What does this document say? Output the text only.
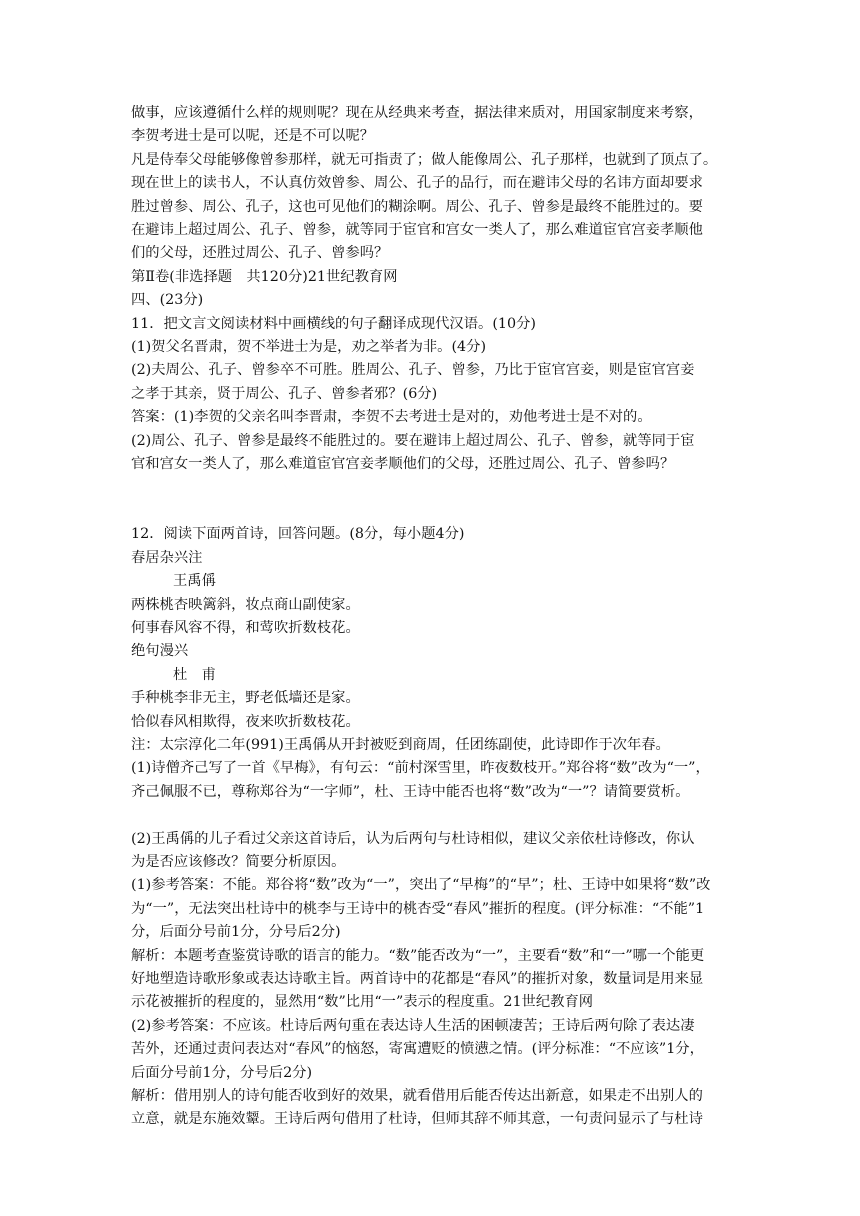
做事，应该遵循什么样的规则呢？现在从经典来考查，据法律来质对，用国家制度来考察，

李贺考进士是可以呢，还是不可以呢？

凡是侍奉父母能够像曾参那样，就无可指责了；做人能像周公、孔子那样，也就到了顶点了。

现在世上的读书人，不认真仿效曾参、周公、孔子的品行，而在避讳父母的名讳方面却要求

胜过曾参、周公、孔子，这也可见他们的糊涂啊。周公、孔子、曾参是最终不能胜过的。要

在避讳上超过周公、孔子、曾参，就等同于宦官和宫女一类人了，那么难道宦官宫妾孝顺他

们的父母，还胜过周公、孔子、曾参吗？

第Ⅱ卷(非选择题　共120分)21世纪教育网

四、(23分)

11．把文言文阅读材料中画横线的句子翻译成现代汉语。(10分)

(1)贺父名晋肃，贺不举进士为是，劝之举者为非。(4分)

(2)夫周公、孔子、曾参卒不可胜。胜周公、孔子、曾参，乃比于宦官宫妾，则是宦官宫妾

之孝于其亲，贤于周公、孔子、曾参者邪？(6分)

答案：(1)李贺的父亲名叫李晋肃，李贺不去考进士是对的，劝他考进士是不对的。

(2)周公、孔子、曾参是最终不能胜过的。要在避讳上超过周公、孔子、曾参，就等同于宦

官和宫女一类人了，那么难道宦官宫妾孝顺他们的父母，还胜过周公、孔子、曾参吗？

12．阅读下面两首诗，回答问题。(8分，每小题4分)

春居杂兴注

王禹偁

两株桃杏映篱斜，妆点商山副使家。

何事春风容不得，和莺吹折数枝花。

绝句漫兴

杜　甫

手种桃李非无主，野老低墙还是家。

恰似春风相欺得，夜来吹折数枝花。

注：太宗淳化二年(991)王禹偁从开封被贬到商周，任团练副使，此诗即作于次年春。

(1)诗僧齐己写了一首《早梅》，有句云：“前村深雪里，昨夜数枝开。”郑谷将“数”改为“一”，

齐己佩服不已，尊称郑谷为“一字师”，杜、王诗中能否也将“数”改为“一”？请简要赏析。

(2)王禹偁的儿子看过父亲这首诗后，认为后两句与杜诗相似，建议父亲依杜诗修改，你认

为是否应该修改？简要分析原因。

(1)参考答案：不能。郑谷将“数”改为“一”，突出了“早梅”的“早”；杜、王诗中如果将“数”改

为“一”，无法突出杜诗中的桃李与王诗中的桃杏受“春风”摧折的程度。(评分标准：“不能”1

分，后面分号前1分，分号后2分)

解析：本题考查鉴赏诗歌的语言的能力。“数”能否改为“一”，主要看“数”和“一”哪一个能更

好地塑造诗歌形象或表达诗歌主旨。两首诗中的花都是“春风”的摧折对象，数量词是用来显

示花被摧折的程度的，显然用“数”比用“一”表示的程度重。21世纪教育网

(2)参考答案：不应该。杜诗后两句重在表达诗人生活的困顿凄苦；王诗后两句除了表达凄

苦外，还通过责问表达对“春风”的恼怒，寄寓遭贬的愤懑之情。(评分标准：“不应该”1分，

后面分号前1分，分号后2分)

解析：借用别人的诗句能否收到好的效果，就看借用后能否传达出新意，如果走不出别人的

立意，就是东施效颦。王诗后两句借用了杜诗，但师其辞不师其意，一句责问显示了与杜诗
